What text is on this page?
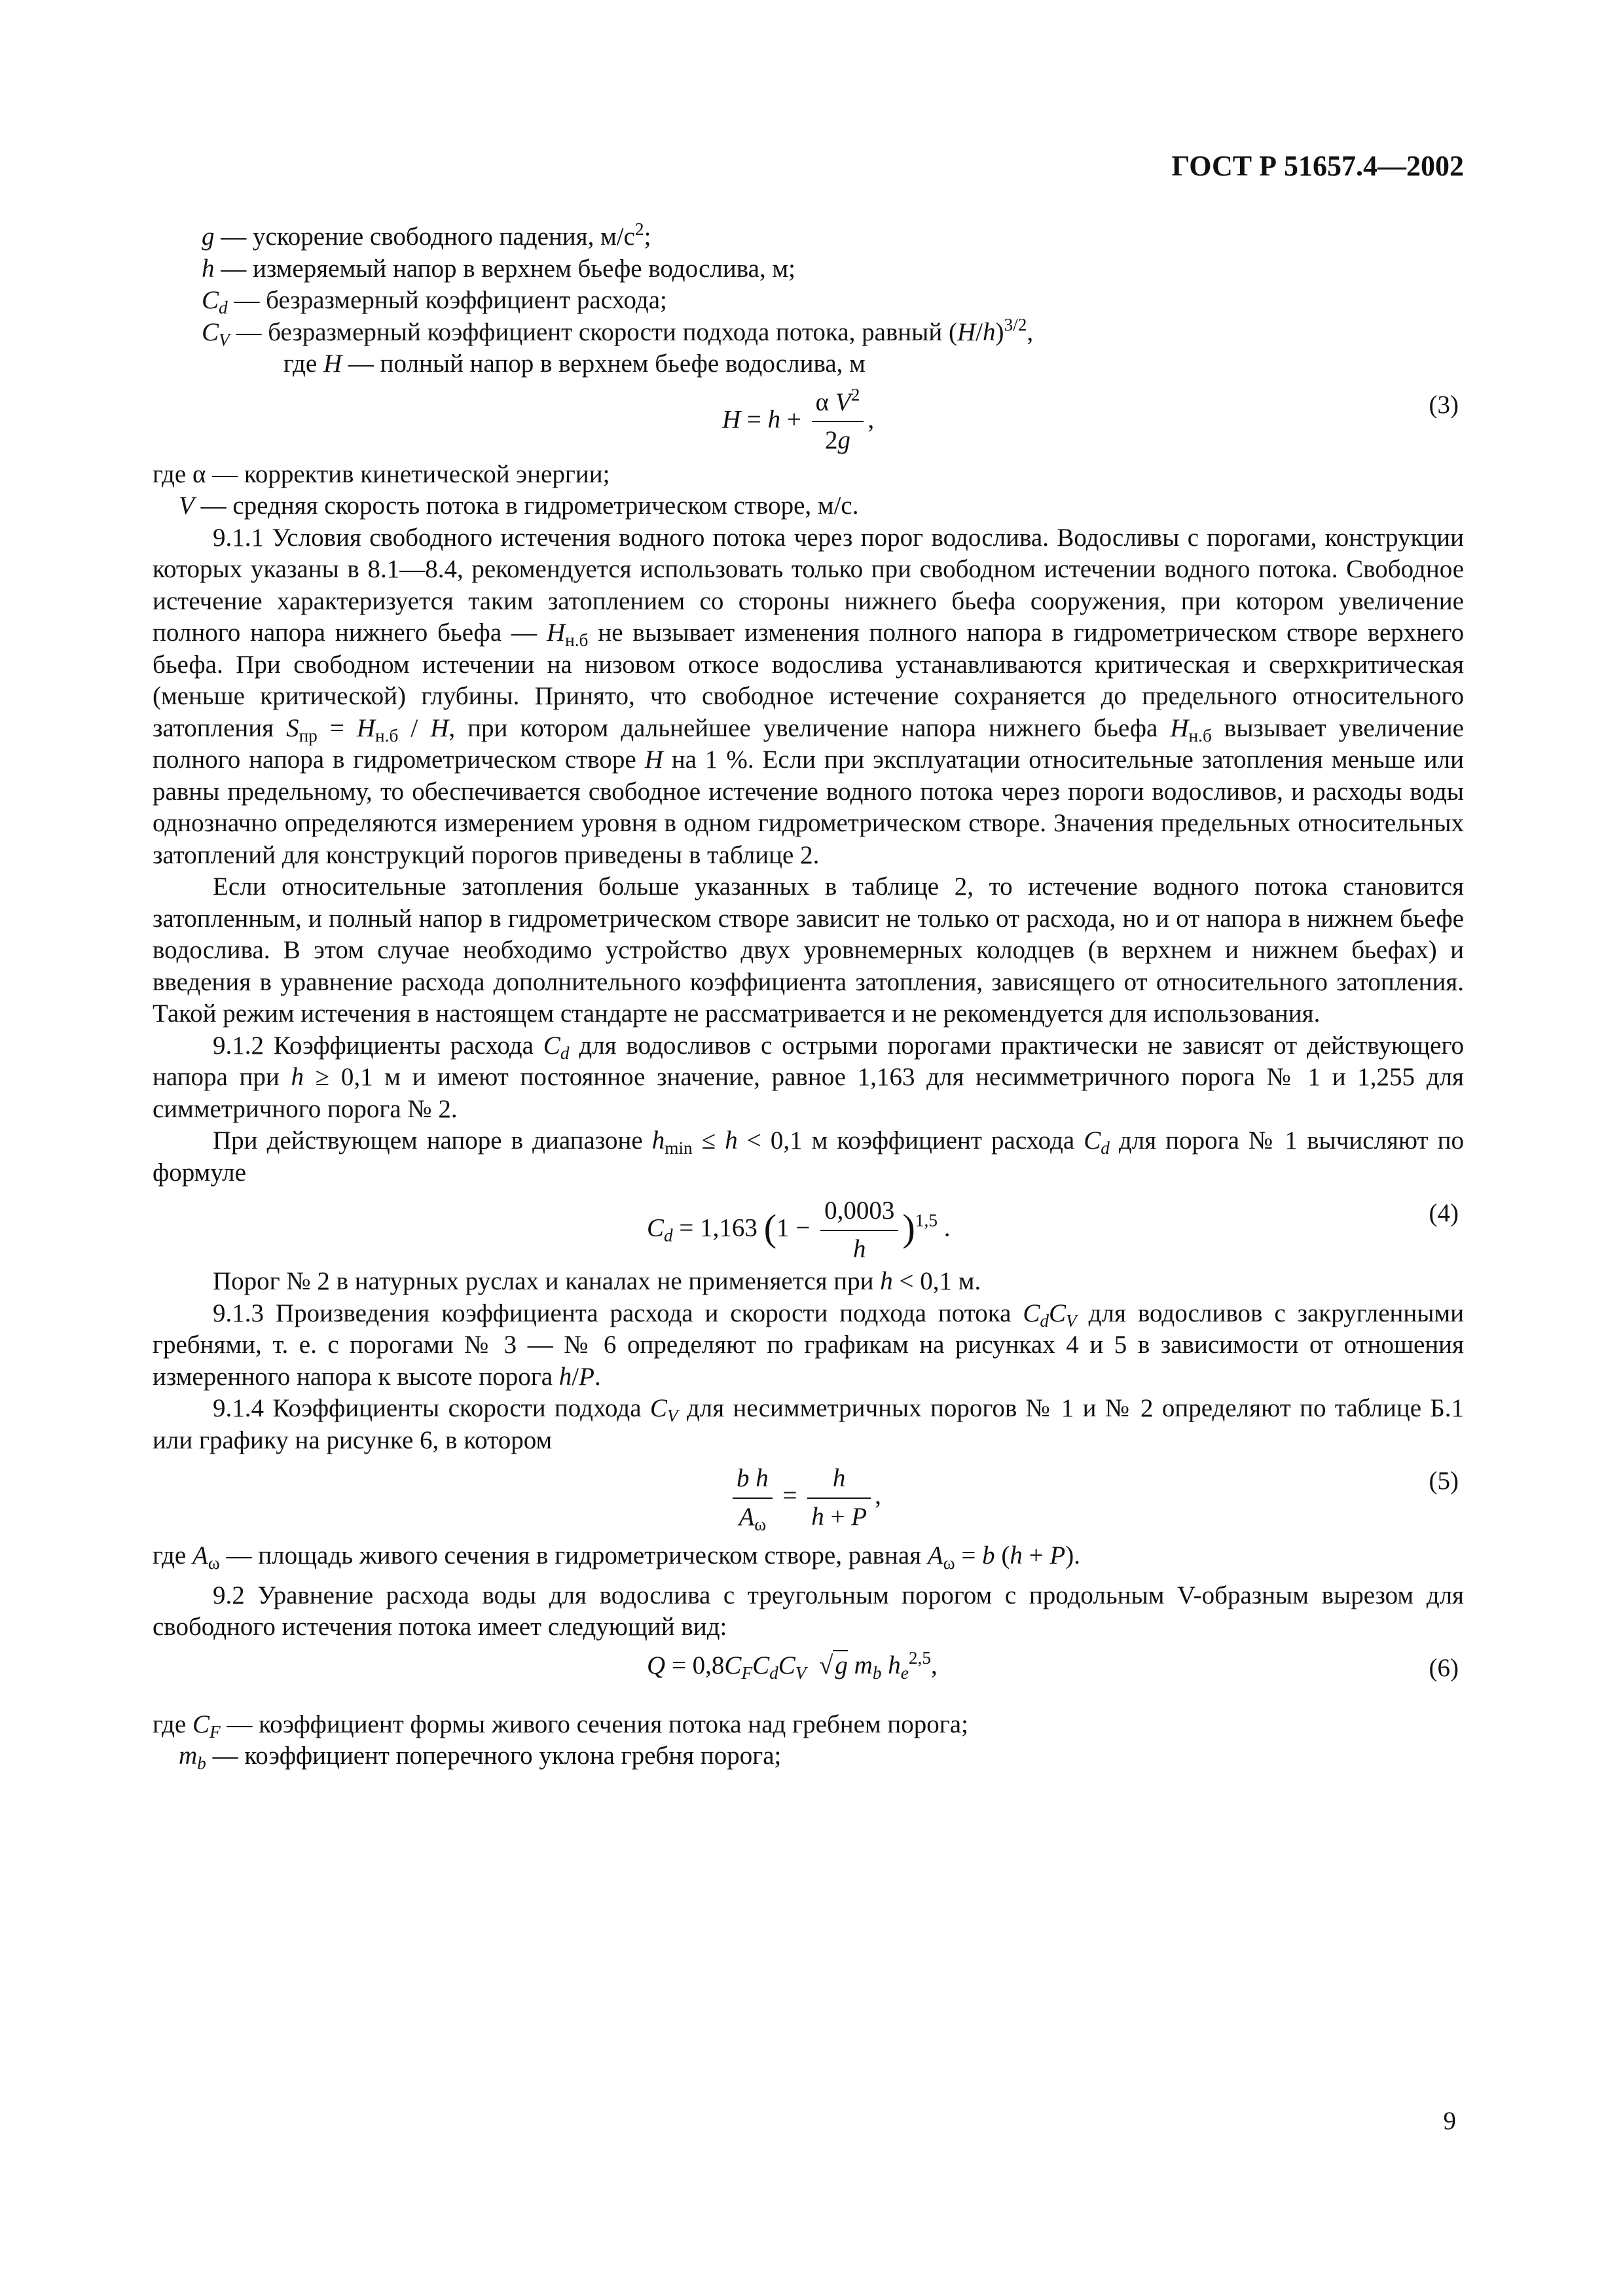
ГОСТ Р 51657.4—2002

g — ускорение свободного падения, $м/с^2$;

h — измеряемый напор в верхнем бьефе водослива, м;

$C_d$ — безразмерный коэффициент расхода;

$C_V$ — безразмерный коэффициент скорости подхода потока, равный $(H/h)^{3/2}$,

где H — полный напор в верхнем бьефе водослива, м

$H = h + \frac{\alpha V^2}{2g}$ ,
(3)

где α — корректив кинетической энергии;

V — средняя скорость потока в гидрометрическом створе, м/с.

9.1.1 Условия свободного истечения водного потока через порог водослива. Водосливы с порогами, конструкции которых указаны в 8.1—8.4, рекомендуется использовать только при свободном истечении водного потока. Свободное истечение характеризуется таким затоплением со стороны нижнего бьефа сооружения, при котором увеличение полного напора нижнего бьефа — $H_{н.б}$ не вызывает изменения полного напора в гидрометрическом створе верхнего бьефа. При свободном истечении на низовом откосе водослива устанавливаются критическая и сверхкритическая (меньше критической) глубины. Принято, что свободное истечение сохраняется до предельного относительного затопления $S_{пр} = H_{н.б} / H$, при котором дальнейшее увеличение напора нижнего бьефа $H_{н.б}$ вызывает увеличение полного напора в гидрометрическом створе H на 1 %. Если при эксплуатации относительные затопления меньше или равны предельному, то обеспечивается свободное истечение водного потока через пороги водосливов, и расходы воды однозначно определяются измерением уровня в одном гидрометрическом створе. Значения предельных относительных затоплений для конструкций порогов приведены в таблице 2.

Если относительные затопления больше указанных в таблице 2, то истечение водного потока становится затопленным, и полный напор в гидрометрическом створе зависит не только от расхода, но и от напора в нижнем бьефе водослива. В этом случае необходимо устройство двух уровнемерных колодцев (в верхнем и нижнем бьефах) и введения в уравнение расхода дополнительного коэффициента затопления, зависящего от относительного затопления. Такой режим истечения в настоящем стандарте не рассматривается и не рекомендуется для использования.

9.1.2 Коэффициенты расхода $C_d$ для водосливов с острыми порогами практически не зависят от действующего напора при h ≥ 0,1 м и имеют постоянное значение, равное 1,163 для несимметричного порога № 1 и 1,255 для симметричного порога № 2.

При действующем напоре в диапазоне $h_{min} \le h < 0,1$ м коэффициент расхода $C_d$ для порога № 1 вычисляют по формуле

$C_d = 1,163$ $(1 - \frac{0,0003}{h} )^{1,5}$ .
(4)

Порог № 2 в натурных руслах и каналах не применяется при h < 0,1 м.

9.1.3 Произведения коэффициента расхода и скорости подхода потока $C_dC_V$ для водосливов с закругленными гребнями, т. е. с порогами № 3 — № 6 определяют по графикам на рисунках 4 и 5 в зависимости от отношения измеренного напора к высоте порога h/P.

9.1.4 Коэффициенты скорости подхода $C_V$ для несимметричных порогов № 1 и № 2 определяют по таблице Б.1 или графику на рисунке 6, в котором

$\frac{\text{b h}}{A_\omega} = \frac{h}{h + P}$ ,
(5)

где $A_\omega$ — площадь живого сечения в гидрометрическом створе, равная $A_\omega = b$ (h + P).

9.2 Уравнение расхода воды для водослива с треугольным порогом с продольным V-образным вырезом для свободного истечения потока имеет следующий вид:

$Q = 0,8C_FC_dC_V$  √g $m_b$ $h_e^{2,5}$,	(6)

где $C_F$ — коэффициент формы живого сечения потока над гребнем порога;

$m_b$ — коэффициент поперечного уклона гребня порога;

9
